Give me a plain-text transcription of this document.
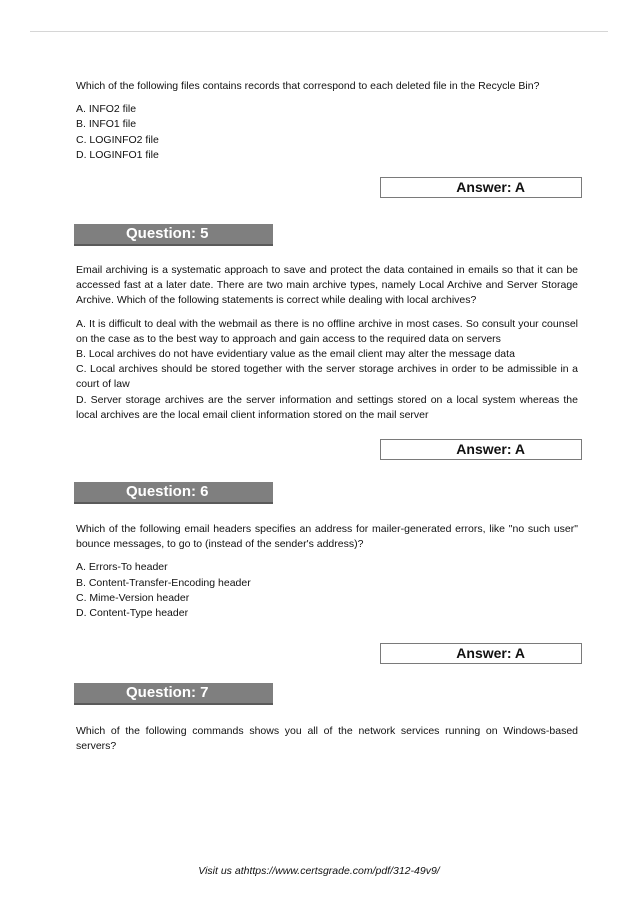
Which of the following files contains records that correspond to each deleted file in the Recycle Bin?

A. INFO2 file

B. INFO1 file

C. LOGINFO2 file

D. LOGINFO1 file

Answer: A
Question: 5

Email archiving is a systematic approach to save and protect the data contained in emails so that it can be accessed fast at a later date. There are two main archive types, namely Local Archive and Server Storage Archive. Which of the following statements is correct while dealing with local archives?

A. It is difficult to deal with the webmail as there is no offline archive in most cases. So consult your counsel on the case as to the best way to approach and gain access to the required data on servers

B. Local archives do not have evidentiary value as the email client may alter the message data

C. Local archives should be stored together with the server storage archives in order to be admissible in a court of law

D. Server storage archives are the server information and settings stored on a local system whereas the local archives are the local email client information stored on the mail server

Answer: A
Question: 6

Which of the following email headers specifies an address for mailer-generated errors, like "no such user" bounce messages, to go to (instead of the sender's address)?

A. Errors-To header

B. Content-Transfer-Encoding header

C. Mime-Version header

D. Content-Type header

Answer: A
Question: 7

Which of the following commands shows you all of the network services running on Windows-based servers?

Visit us athttps://www.certsgrade.com/pdf/312-49v9/
